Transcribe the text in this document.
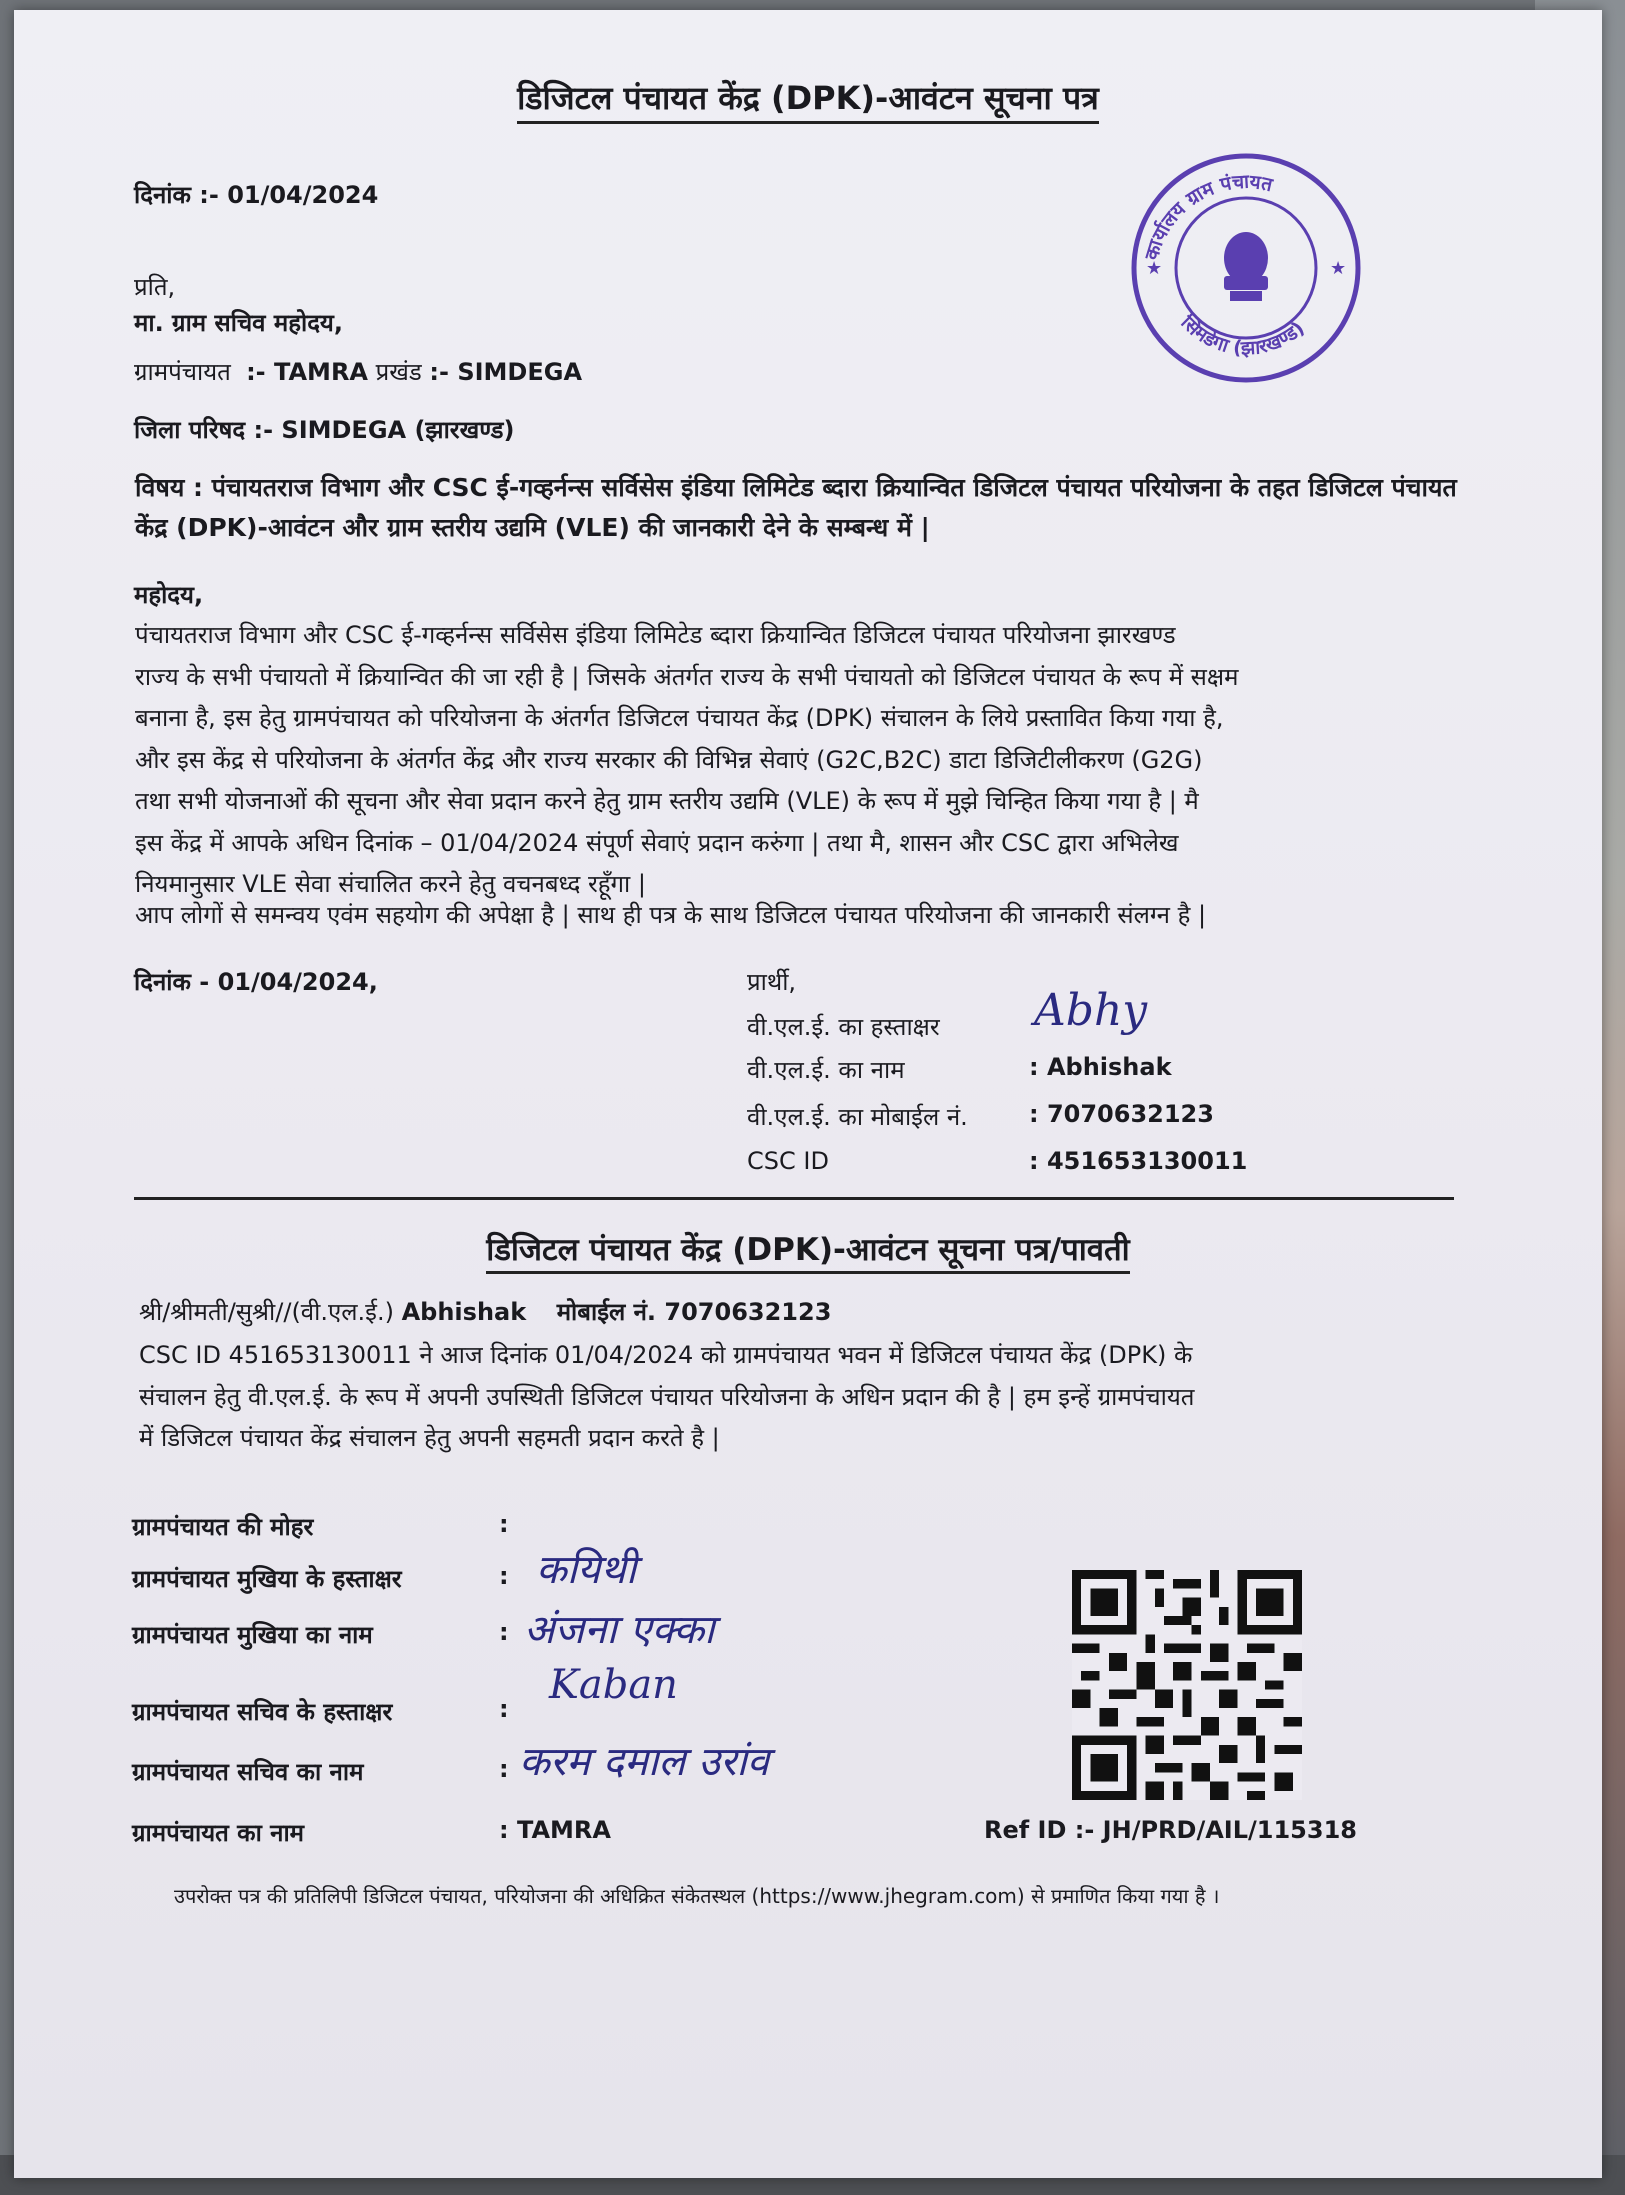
डिजिटल पंचायत केंद्र (DPK)-आवंटन सूचना पत्र
दिनांक :- 01/04/2024
★	★
कार्यालय ग्राम पंचायत
सिमडेगा (झारखण्ड)
प्रति,
मा. ग्राम सचिव महोदय,
ग्रामपंचायत :- TAMRA प्रखंड :- SIMDEGA
जिला परिषद :- SIMDEGA (झारखण्ड)
विषय : पंचायतराज विभाग और CSC ई-गव्हर्नन्स सर्विसेस इंडिया लिमिटेड ब्दारा क्रियान्वित डिजिटल पंचायत परियोजना के तहत डिजिटल पंचायत केंद्र (DPK)-आवंटन और ग्राम स्तरीय उद्यमि (VLE) की जानकारी देने के सम्बन्ध में |
महोदय,
पंचायतराज विभाग और CSC ई-गव्हर्नन्स सर्विसेस इंडिया लिमिटेड ब्दारा क्रियान्वित डिजिटल पंचायत परियोजना झारखण्ड
राज्य के सभी पंचायतो में क्रियान्वित की जा रही है | जिसके अंतर्गत राज्य के सभी पंचायतो को डिजिटल पंचायत के रूप में सक्षम
बनाना है, इस हेतु ग्रामपंचायत को परियोजना के अंतर्गत डिजिटल पंचायत केंद्र (DPK) संचालन के लिये प्रस्तावित किया गया है,
और इस केंद्र से परियोजना के अंतर्गत केंद्र और राज्य सरकार की विभिन्न सेवाएं (G2C,B2C) डाटा डिजिटीलीकरण (G2G)
तथा सभी योजनाओं की सूचना और सेवा प्रदान करने हेतु ग्राम स्तरीय उद्यमि (VLE) के रूप में मुझे चिन्हित किया गया है | मै
इस केंद्र में आपके अधिन दिनांक – 01/04/2024 संपूर्ण सेवाएं प्रदान करुंगा | तथा मै, शासन और CSC द्वारा अभिलेख
नियमानुसार VLE सेवा संचालित करने हेतु वचनबध्द रहूँगा |
आप लोगों से समन्वय एवंम सहयोग की अपेक्षा है | साथ ही पत्र के साथ डिजिटल पंचायत परियोजना की जानकारी संलग्न है |
दिनांक - 01/04/2024,	प्रार्थी,
वी.एल.ई. का हस्ताक्षर Abhy
वी.एल.ई. का नाम	: Abhishak
वी.एल.ई. का मोबाईल नं.	: 7070632123
CSC ID	: 451653130011
डिजिटल पंचायत केंद्र (DPK)-आवंटन सूचना पत्र/पावती
श्री/श्रीमती/सुश्री//(वी.एल.ई.) Abhishak मोबाईल नं. 7070632123
CSC ID 451653130011 ने आज दिनांक 01/04/2024 को ग्रामपंचायत भवन में डिजिटल पंचायत केंद्र (DPK) के
संचालन हेतु वी.एल.ई. के रूप में अपनी उपस्थिती डिजिटल पंचायत परियोजना के अधिन प्रदान की है | हम इन्हें ग्रामपंचायत
में डिजिटल पंचायत केंद्र संचालन हेतु अपनी सहमती प्रदान करते है |
ग्रामपंचायत की मोहर	:
ग्रामपंचायत मुखिया के हस्ताक्षर	: कयिथी
ग्रामपंचायत मुखिया का नाम	: अंजना एक्का
ग्रामपंचायत सचिव के हस्ताक्षर	:
Kaban
ग्रामपंचायत सचिव का नाम	: करम दमाल उरांव
ग्रामपंचायत का नाम	: TAMRA	Ref ID :- JH/PRD/AIL/115318
उपरोक्त पत्र की प्रतिलिपी डिजिटल पंचायत, परियोजना की अधिक्रित संकेतस्थल (https://www.jhegram.com) से प्रमाणित किया गया है ।
